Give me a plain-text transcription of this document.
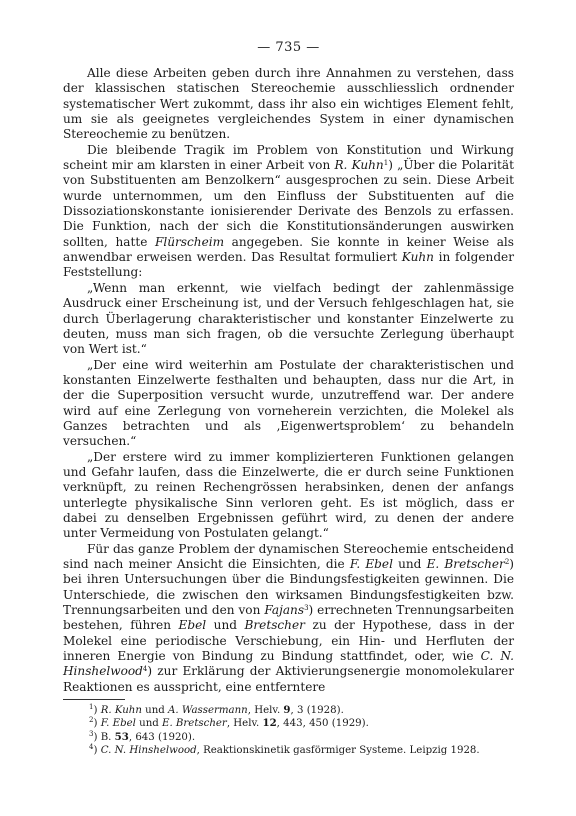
— 735 —

Alle diese Arbeiten geben durch ihre Annahmen zu verstehen, dass der klassischen statischen Stereochemie ausschliesslich ordnender systematischer Wert zukommt, dass ihr also ein wichtiges Element fehlt, um sie als geeignetes vergleichendes System in einer dynamischen Stereochemie zu benützen.

Die bleibende Tragik im Problem von Konstitution und Wirkung scheint mir am klarsten in einer Arbeit von R. Kuhn$^1$) „Über die Polarität von Substituenten am Benzolkern“ ausgesprochen zu sein. Diese Arbeit wurde unternommen, um den Einfluss der Substituenten auf die Dissoziationskonstante ionisierender Derivate des Benzols zu erfassen. Die Funktion, nach der sich die Konstitutionsänderungen auswirken sollten, hatte Flürscheim angegeben. Sie konnte in keiner Weise als anwendbar erweisen werden. Das Resultat formuliert Kuhn in folgender Feststellung:

„Wenn man erkennt, wie vielfach bedingt der zahlenmässige Ausdruck einer Erscheinung ist, und der Versuch fehlgeschlagen hat, sie durch Überlagerung charakteristischer und konstanter Einzelwerte zu deuten, muss man sich fragen, ob die versuchte Zerlegung überhaupt von Wert ist.“

„Der eine wird weiterhin am Postulate der charakteristischen und konstanten Einzelwerte festhalten und behaupten, dass nur die Art, in der die Superposition versucht wurde, unzutreffend war. Der andere wird auf eine Zerlegung von vorneherein verzichten, die Molekel als Ganzes betrachten und als ‚Eigenwertsproblem‘ zu behandeln versuchen.“

„Der erstere wird zu immer komplizierteren Funktionen gelangen und Gefahr laufen, dass die Einzelwerte, die er durch seine Funktionen verknüpft, zu reinen Rechengrössen herabsinken, denen der anfangs unterlegte physikalische Sinn verloren geht. Es ist möglich, dass er dabei zu denselben Ergebnissen geführt wird, zu denen der andere unter Vermeidung von Postulaten gelangt.“

Für das ganze Problem der dynamischen Stereochemie entscheidend sind nach meiner Ansicht die Einsichten, die F. Ebel und E. Bretscher$^2$) bei ihren Untersuchungen über die Bindungsfestigkeiten gewinnen. Die Unterschiede, die zwischen den wirksamen Bindungsfestigkeiten bzw. Trennungsarbeiten und den von Fajans$^3$) errechneten Trennungsarbeiten bestehen, führen Ebel und Bretscher zu der Hypothese, dass in der Molekel eine periodische Verschiebung, ein Hin- und Herfluten der inneren Energie von Bindung zu Bindung stattfindet, oder, wie C. N. Hinshelwood$^4$) zur Erklärung der Aktivierungsenergie monomolekularer Reaktionen es ausspricht, eine entferntere

$^1$) R. Kuhn und A. Wassermann, Helv. 9, 3 (1928).
$^2$) F. Ebel und E. Bretscher, Helv. 12, 443, 450 (1929).
$^3$) B. 53, 643 (1920).
$^4$) C. N. Hinshelwood, Reaktionskinetik gasförmiger Systeme. Leipzig 1928.
